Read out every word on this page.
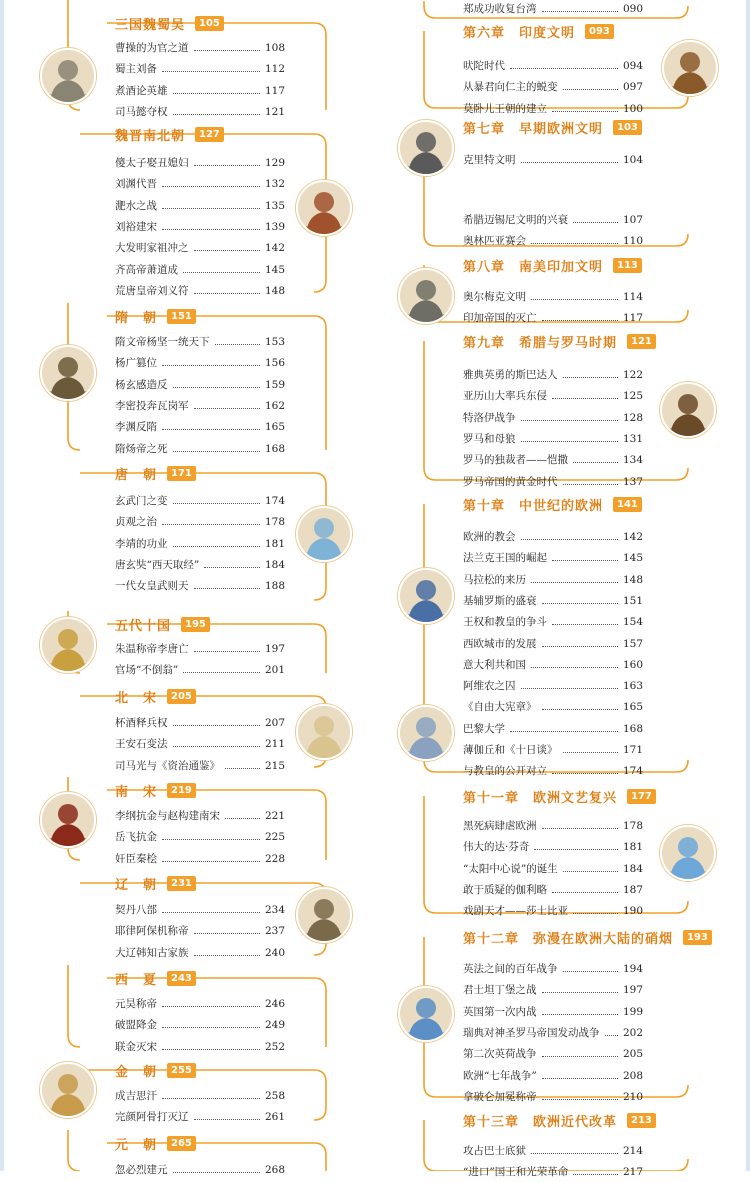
三国魏蜀吴	105
曹操的为官之道	108
蜀主刘备	112
煮酒论英雄	117
司马懿夺权	121
魏晋南北朝	127
傻太子娶丑媳妇	129
刘渊代晋	132
淝水之战	135
刘裕建宋	139
大发明家祖冲之	142
齐高帝萧道成	145
荒唐皇帝刘义符	148
隋　朝	151
隋文帝杨坚一统天下	153
杨广篡位	156
杨玄感造反	159
李密投奔瓦岗军	162
李渊反隋	165
隋炀帝之死	168
唐　朝	171
玄武门之变	174
贞观之治	178
李靖的功业	181
唐玄奘“西天取经”	184
一代女皇武则天	188
五代十国	195
朱温称帝李唐亡	197
官场“不倒翁”	201
北　宋	205
杯酒释兵权	207
王安石变法	211
司马光与《资治通鉴》	215
南　宋	219
李纲抗金与赵构建南宋	221
岳飞抗金	225
奸臣秦桧	228
辽　朝	231
契丹八部	234
耶律阿保机称帝	237
大辽韩知古家族	240
西　夏	243
元昊称帝	246
破盟降金	249
联金灭宋	252
金　朝	255
成吉思汗	258
完颜阿骨打灭辽	261
元　朝	265
忽必烈建元	268
郑成功收复台湾	090
第六章　印度文明	093
吠陀时代	094
从暴君向仁主的蜕变	097
莫卧儿王朝的建立	100
第七章　早期欧洲文明	103
克里特文明	104
希腊迈锡尼文明的兴衰	107
奥林匹亚赛会	110
第八章　南美印加文明	113
奥尔梅克文明	114
印加帝国的灭亡	117
第九章　希腊与罗马时期	121
雅典英勇的斯巴达人	122
亚历山大率兵东侵	125
特洛伊战争	128
罗马和母狼	131
罗马的独裁者——恺撒	134
罗马帝国的黄金时代	137
第十章　中世纪的欧洲	141
欧洲的教会	142
法兰克王国的崛起	145
马拉松的来历	148
基辅罗斯的盛衰	151
王权和教皇的争斗	154
西欧城市的发展	157
意大利共和国	160
阿维农之囚	163
《自由大宪章》	165
巴黎大学	168
薄伽丘和《十日谈》	171
与教皇的公开对立	174
第十一章　欧洲文艺复兴	177
黑死病肆虐欧洲	178
伟大的达·芬奇	181
“太阳中心说”的诞生	184
敢于质疑的伽利略	187
戏剧天才——莎士比亚	190
第十二章　弥漫在欧洲大陆的硝烟	193
英法之间的百年战争	194
君士坦丁堡之战	197
英国第一次内战	199
瑞典对神圣罗马帝国发动战争 202
第二次英荷战争	205
欧洲“七年战争”	208
拿破仑加冕称帝	210
第十三章　欧洲近代改革	213
攻占巴士底狱	214
“进口”国王和光荣革命	217
